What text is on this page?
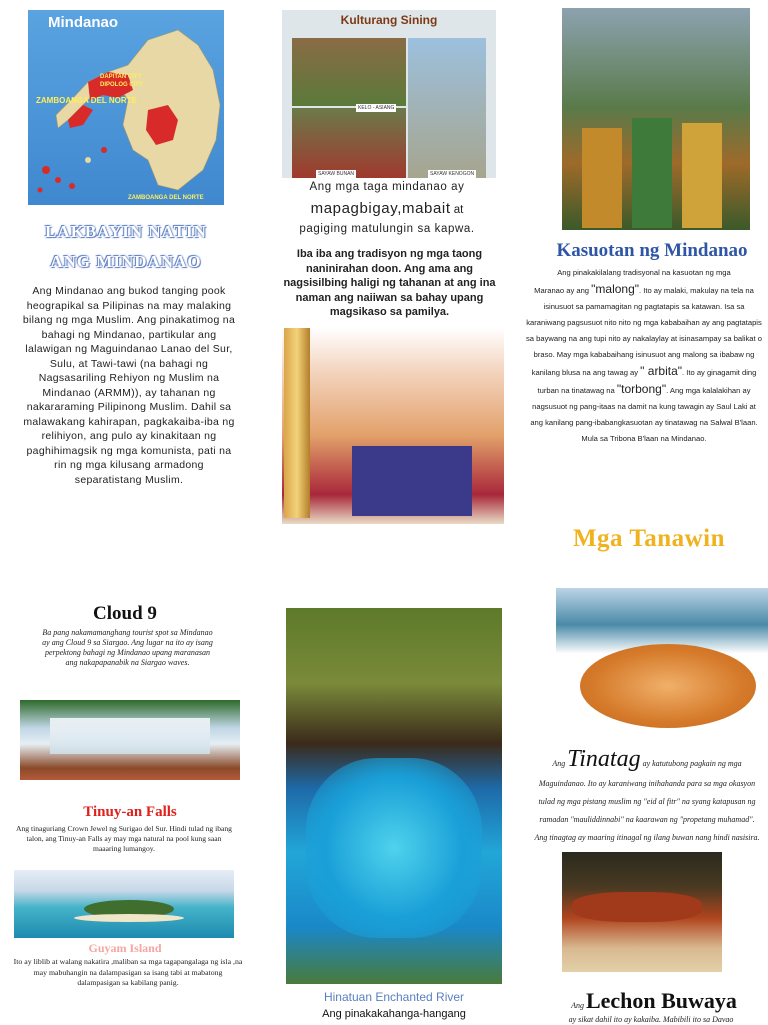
Mindanao
DAPITAN CITY
DIPOLOG CITY
ZAMBOANGA DEL NORTE
ZAMBOANGA DEL NORTE
LAKBAYIN NATIN
ANG MINDANAO

Ang Mindanao ang bukod tanging pook heograpikal sa Pilipinas na may malaking bilang ng mga Muslim. Ang pinakatimog na bahagi ng Mindanao, partikular ang lalawigan ng Maguindanao Lanao del Sur, Sulu, at Tawi-tawi (na bahagi ng Nagsasariling Rehiyon ng Muslim na Mindanao (ARMM)), ay tahanan ng nakararaming Pilipinong Muslim. Dahil sa malawakang kahirapan, pagkakaiba-iba ng relihiyon, ang pulo ay kinakitaan ng paghihimagsik ng mga komunista, pati na rin ng mga kilusang armadong separatistang Muslim.

Kulturang Sining
KELO - ASIANG
SAYAW BUNAN	SAYAW KENOGON

Ang mga taga mindanao ay

mapagbigay,mabait at

pagiging matulungin sa kapwa.

Iba iba ang tradisyon ng mga taong naninirahan doon. Ang ama ang nagsisilbing haligi ng tahanan at ang ina naman ang naiiwan sa bahay upang magsikaso sa pamilya.

Kasuotan ng Mindanao

Ang pinakakilalang tradisyonal na kasuotan ng mga
Maranao ay ang "malong". Ito ay malaki, makulay na tela na isinusuot sa pamamagitan ng pagtatapis sa katawan. Isa sa karaniwang pagsusuot nito nito ng mga kababaihan ay ang pagtatapis sa baywang na ang tupi nito ay nakalaylay at isinasampay sa balikat o braso. May mga kababaihang isinusuot ang malong sa ibabaw ng kanilang blusa na ang tawag ay " arbita". Ito ay ginagamit ding turban na tinatawag na "torbong". Ang mga kalalakihan ay nagsusuot ng pang-itaas na damit na kung tawagin ay Saul Laki at ang kanilang pang-ibabangkasuotan ay tinatawag na Salwal B'laan. Mula sa Tribona B'laan na Mindanao.

Mga Tanawin
Cloud 9

Ba pang nakamamanghang tourist spot sa Mindanao ay ang Cloud 9 sa Siargao. Ang lugar na ito ay isang perpektong bahagi ng Mindanao upang maranasan ang nakapapanabik na Siargao waves.

Tinuy-an Falls

Ang tinaguriang Crown Jewel ng Surigao del Sur. Hindi tulad ng ibang talon, ang Tinuy-an Falls ay may mga natural na pool kung saan maaaring lumangoy.

Guyam Island

Ito ay liblib at walang nakatira ,maliban sa mga tagapangalaga ng isla ,na may mabuhangin na dalampasigan sa isang tabi at mabatong dalampasigan sa kabilang panig.

Hinatuan Enchanted River
Ang pinakakahanga-hangang

Ang Tinatag ay katutubong pagkain ng mga Maguindanao. Ito ay karaniwang inihahanda para sa mga okasyon tulad ng mga pistang muslim ng "eid al fitr" na syang katapusan ng ramadan "mauliddinnabi" na kaarawan ng "propetang muhamad". Ang tinagtag ay maaring itinagal ng ilang buwan nang hindi nasisira.

Ang Lechon Buwaya

ay sikat dahil ito ay kakaiba. Mabibili ito sa Davao
